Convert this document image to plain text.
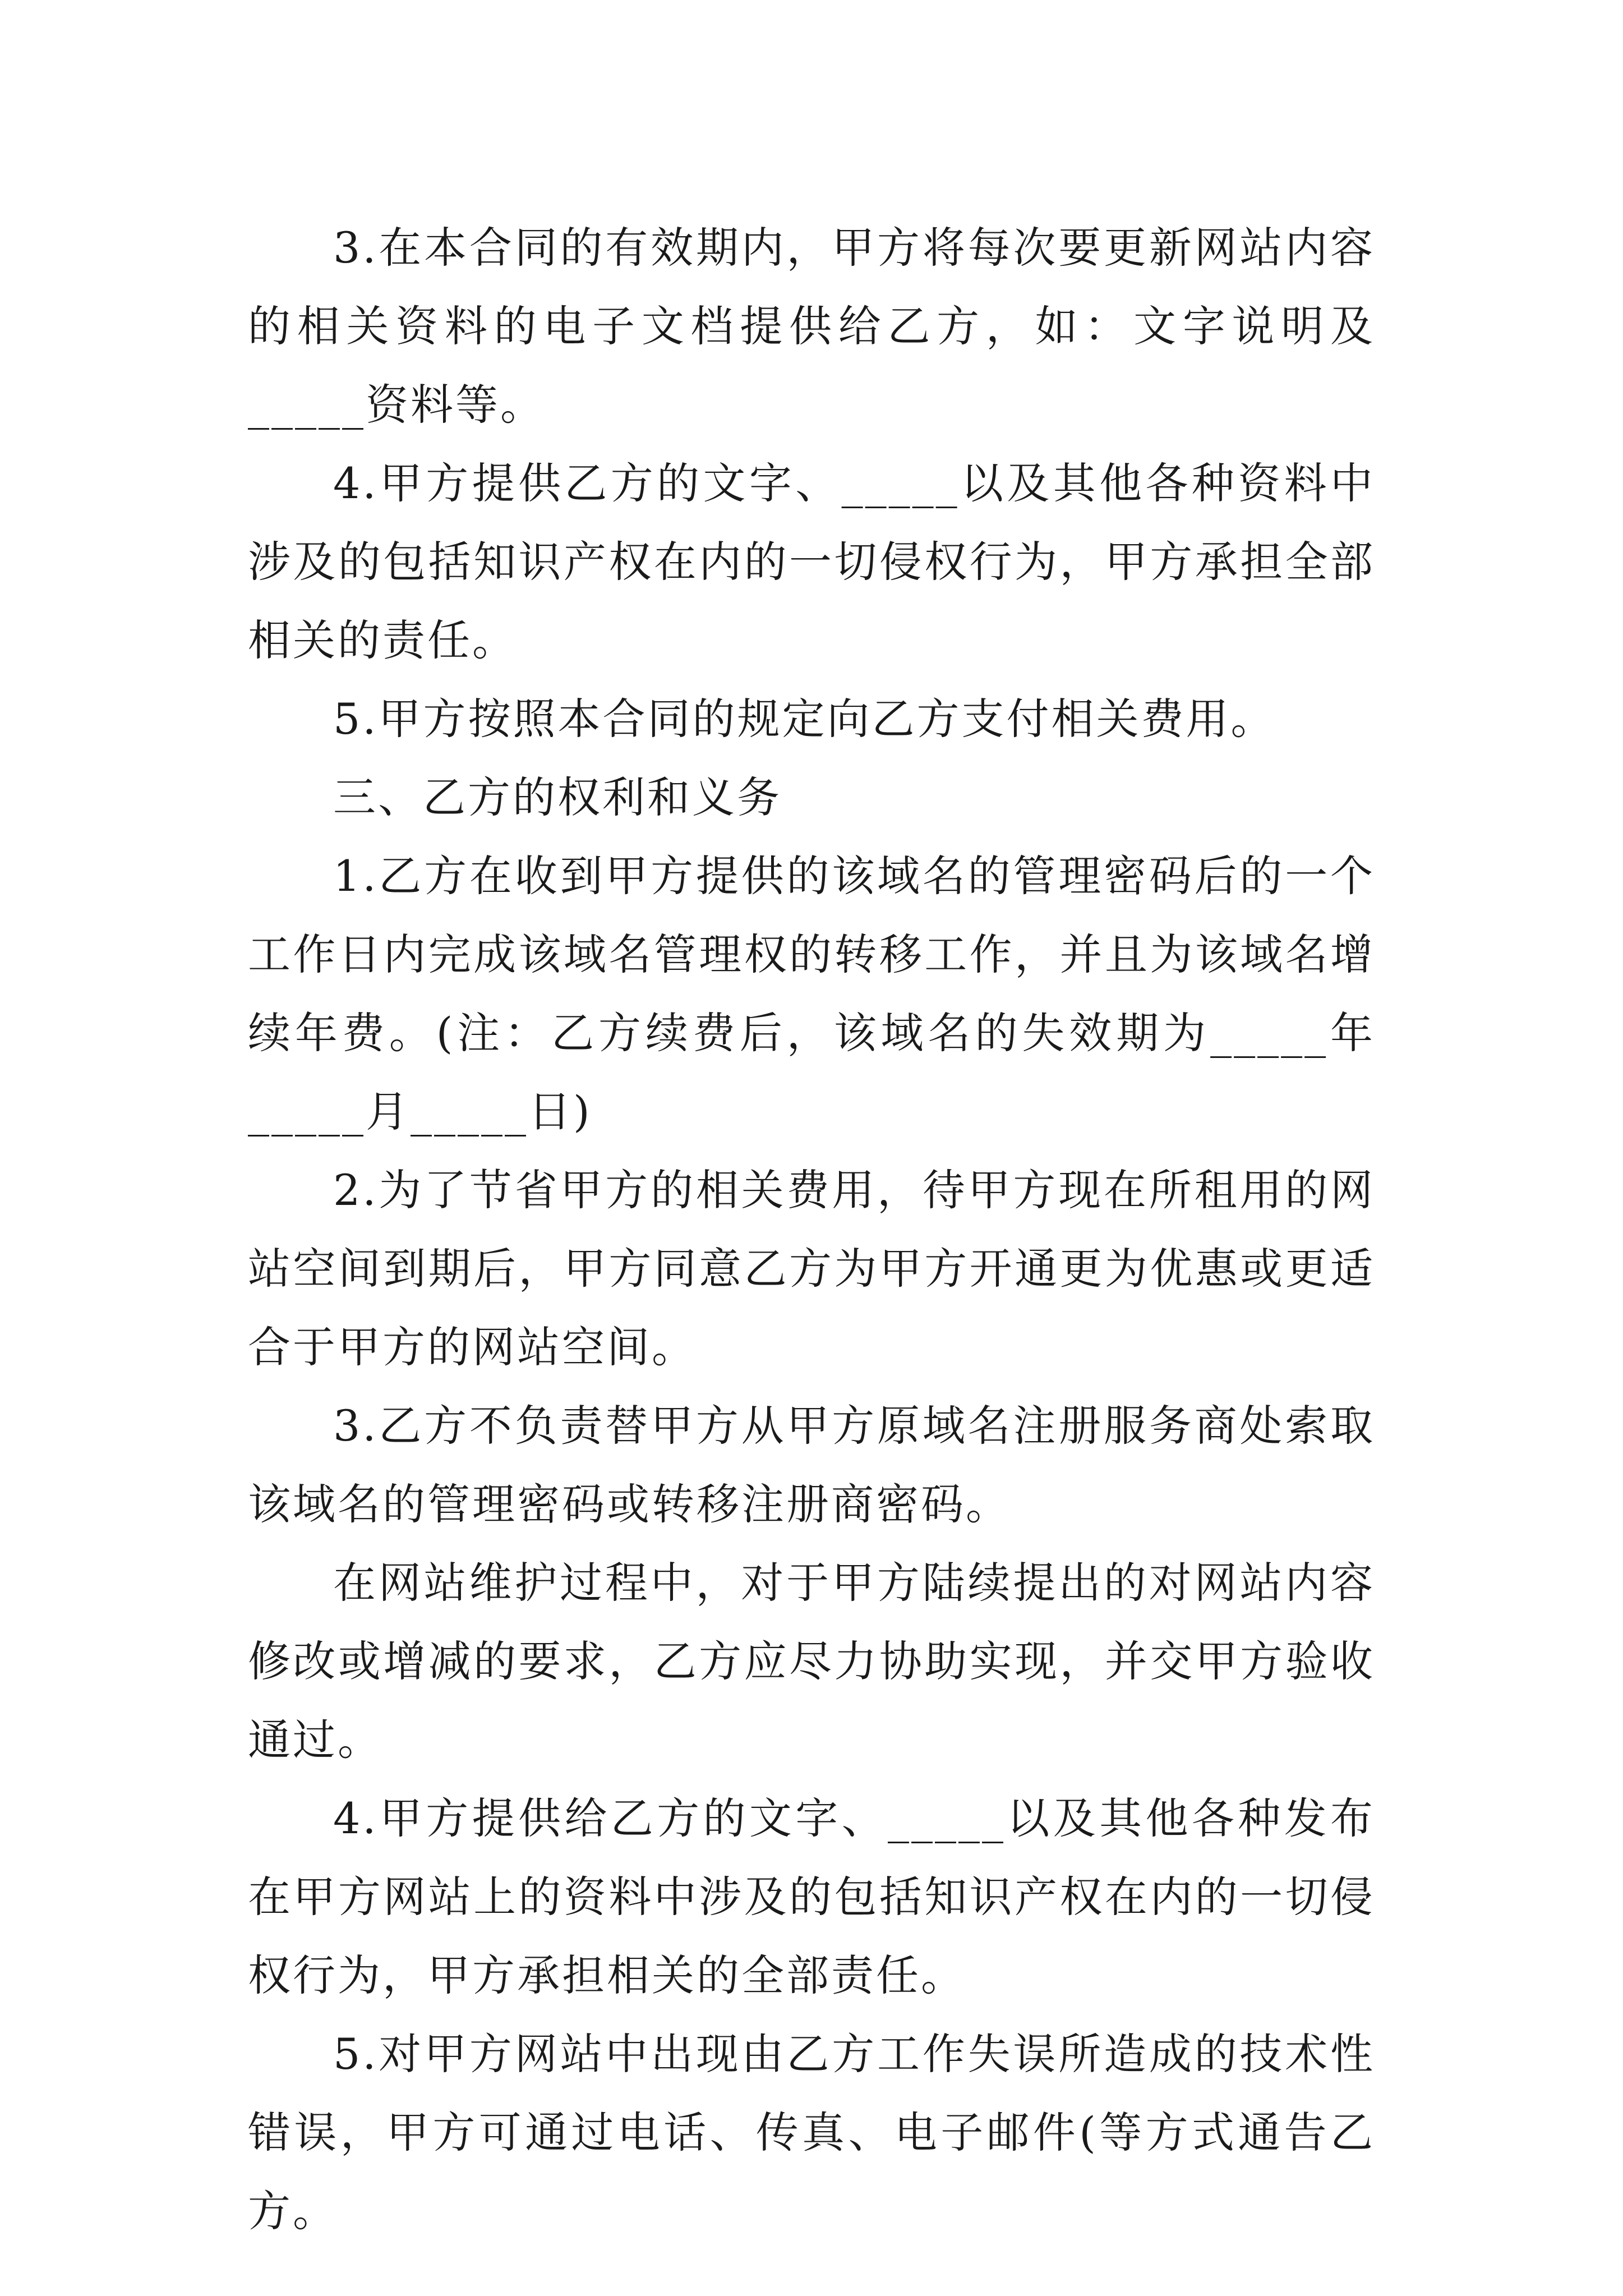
3.在本合同的有效期内，甲方将每次要更新网站内容的相关资料的电子文档提供给乙方，如：文字说明及_____资料等。

4.甲方提供乙方的文字、_____以及其他各种资料中涉及的包括知识产权在内的一切侵权行为，甲方承担全部相关的责任。

5.甲方按照本合同的规定向乙方支付相关费用。

三、乙方的权利和义务

1.乙方在收到甲方提供的该域名的管理密码后的一个工作日内完成该域名管理权的转移工作，并且为该域名增续年费。(注：乙方续费后，该域名的失效期为_____年_____月_____日)

2.为了节省甲方的相关费用，待甲方现在所租用的网站空间到期后，甲方同意乙方为甲方开通更为优惠或更适合于甲方的网站空间。

3.乙方不负责替甲方从甲方原域名注册服务商处索取该域名的管理密码或转移注册商密码。

在网站维护过程中，对于甲方陆续提出的对网站内容修改或增减的要求，乙方应尽力协助实现，并交甲方验收通过。

4.甲方提供给乙方的文字、_____以及其他各种发布在甲方网站上的资料中涉及的包括知识产权在内的一切侵权行为，甲方承担相关的全部责任。

5.对甲方网站中出现由乙方工作失误所造成的技术性错误，甲方可通过电话、传真、电子邮件(等方式通告乙方。
